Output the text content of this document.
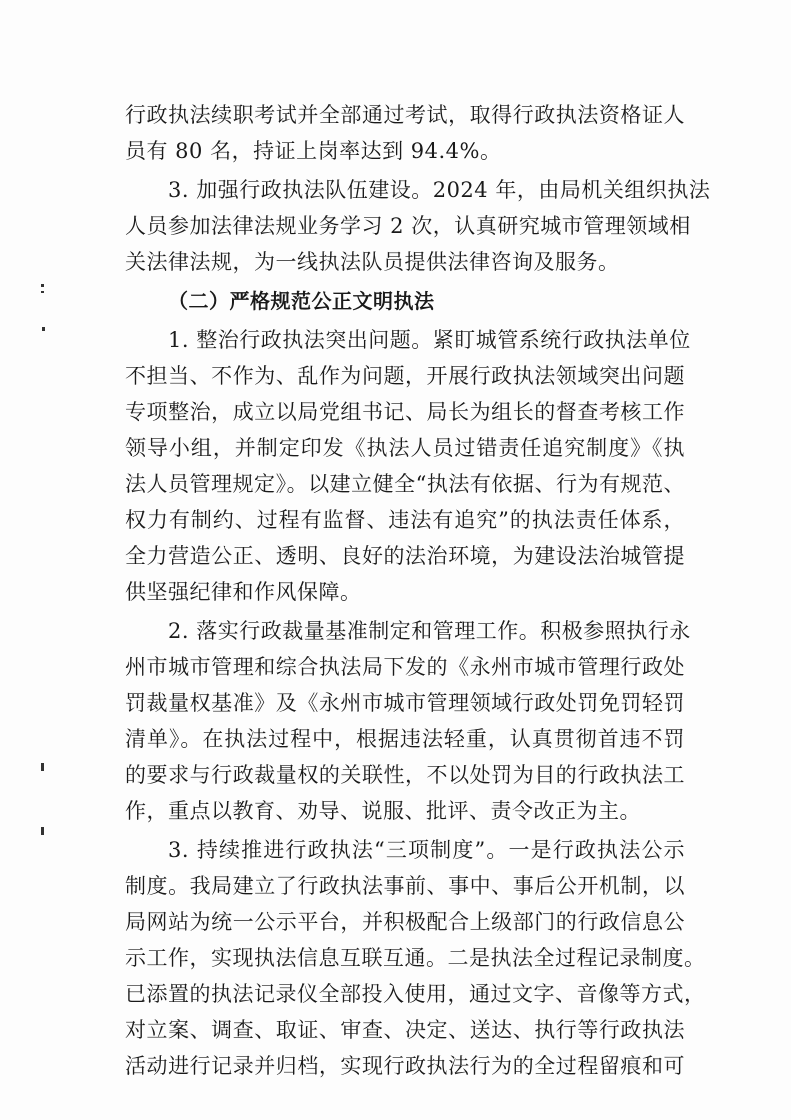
行政执法续职考试并全部通过考试，取得行政执法资格证人
员有 80 名，持证上岗率达到 94.4%。
3. 加强行政执法队伍建设。2024 年，由局机关组织执法
人员参加法律法规业务学习 2 次，认真研究城市管理领域相
关法律法规，为一线执法队员提供法律咨询及服务。
（二）严格规范公正文明执法
1. 整治行政执法突出问题。紧盯城管系统行政执法单位
不担当、不作为、乱作为问题，开展行政执法领域突出问题
专项整治，成立以局党组书记、局长为组长的督查考核工作
领导小组，并制定印发《执法人员过错责任追究制度》《执
法人员管理规定》。以建立健全“执法有依据、行为有规范、
权力有制约、过程有监督、违法有追究”的执法责任体系，
全力营造公正、透明、良好的法治环境，为建设法治城管提
供坚强纪律和作风保障。
2. 落实行政裁量基准制定和管理工作。积极参照执行永
州市城市管理和综合执法局下发的《永州市城市管理行政处
罚裁量权基准》及《永州市城市管理领域行政处罚免罚轻罚
清单》。在执法过程中，根据违法轻重，认真贯彻首违不罚
的要求与行政裁量权的关联性，不以处罚为目的行政执法工
作，重点以教育、劝导、说服、批评、责令改正为主。
3. 持续推进行政执法“三项制度”。一是行政执法公示
制度。我局建立了行政执法事前、事中、事后公开机制，以
局网站为统一公示平台，并积极配合上级部门的行政信息公
示工作，实现执法信息互联互通。二是执法全过程记录制度。
已添置的执法记录仪全部投入使用，通过文字、音像等方式，
对立案、调查、取证、审查、决定、送达、执行等行政执法
活动进行记录并归档，实现行政执法行为的全过程留痕和可
